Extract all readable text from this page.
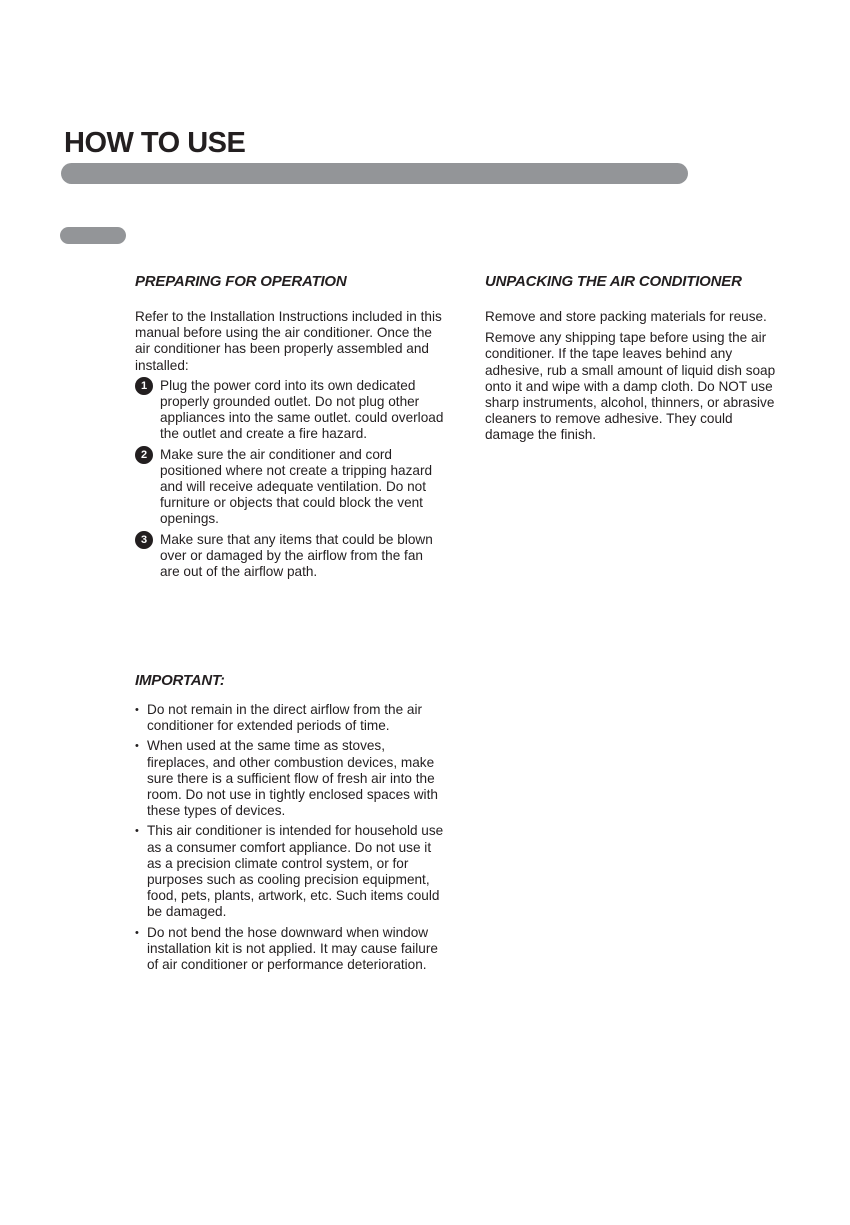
HOW TO USE
PREPARING FOR OPERATION

Refer to the Installation Instructions included in this manual before using the air conditioner. Once the air conditioner has been properly assembled and installed:

1 Plug the power cord into its own dedicated properly grounded outlet. Do not plug other appliances into the same outlet. could overload the outlet and create a fire hazard.
2 Make sure the air conditioner and cord positioned where not create a tripping hazard and will receive adequate ventilation. Do not furniture or objects that could block the vent openings.
3 Make sure that any items that could be blown over or damaged by the airflow from the fan are out of the airflow path.
UNPACKING THE AIR CONDITIONER

Remove and store packing materials for reuse.

Remove any shipping tape before using the air conditioner. If the tape leaves behind any adhesive, rub a small amount of liquid dish soap onto it and wipe with a damp cloth. Do NOT use sharp instruments, alcohol, thinners, or abrasive cleaners to remove adhesive. They could damage the finish.

IMPORTANT:
• Do not remain in the direct airflow from the air conditioner for extended periods of time.
• When used at the same time as stoves, fireplaces, and other combustion devices, make sure there is a sufficient flow of fresh air into the room. Do not use in tightly enclosed spaces with these types of devices.
• This air conditioner is intended for household use as a consumer comfort appliance. Do not use it as a precision climate control system, or for purposes such as cooling precision equipment, food, pets, plants, artwork, etc. Such items could be damaged.
• Do not bend the hose downward when window installation kit is not applied. It may cause failure of air conditioner or performance deterioration.
